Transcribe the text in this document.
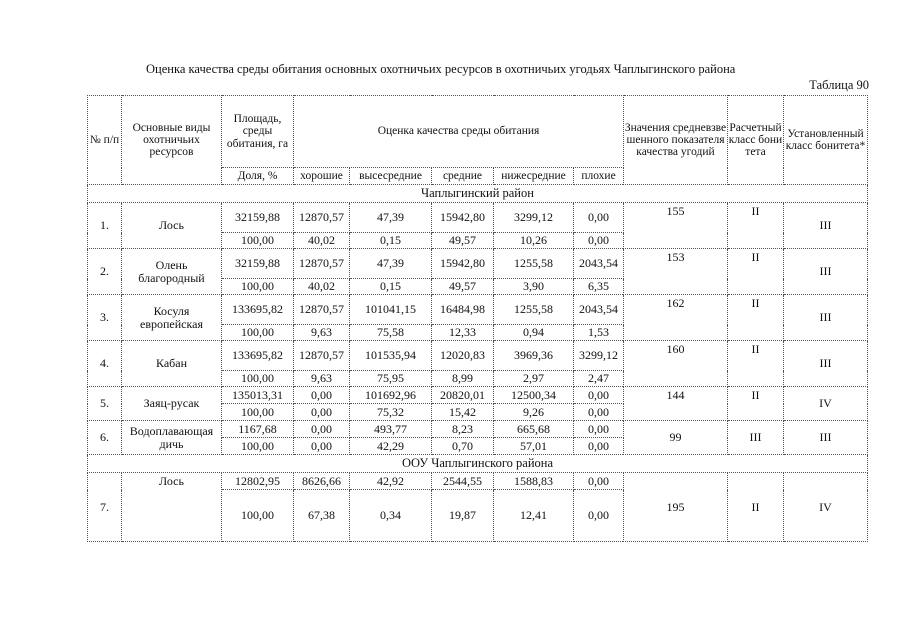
Оценка качества среды обитания основных охотничьих ресурсов в охотничьих угодьях Чаплыгинского района
Таблица 90
№ п/п	Основные виды охотничьих ресурсов	Площадь, среды обитания, га	Оценка качества среды обитания					Значения средневзвешенного показателя качества угодий	Расчетный класс бонитета	Установленный класс бонитета*
		Доля, %	хорошие	высесредние	средние	нижесредние	плохие			
Чаплыгинский район										
1.	Лось	32159,88	12870,57	47,39	15942,80	3299,12	0,00	155	II	III
		100,00	40,02	0,15	49,57	10,26	0,00			
2.	Олень благородный	32159,88	12870,57	47,39	15942,80	1255,58	2043,54	153	II	III
		100,00	40,02	0,15	49,57	3,90	6,35			
3.	Косуля европейская	133695,82	12870,57	101041,15	16484,98	1255,58	2043,54	162	II	III
		100,00	9,63	75,58	12,33	0,94	1,53			
4.	Кабан	133695,82	12870,57	101535,94	12020,83	3969,36	3299,12	160	II	III
		100,00	9,63	75,95	8,99	2,97	2,47			
5.	Заяц-русак	135013,31	0,00	101692,96	20820,01	12500,34	0,00	144	II	IV
		100,00	0,00	75,32	15,42	9,26	0,00			
6.	Водоплавающая дичь	1167,68	0,00	493,77	8,23	665,68	0,00	99	III	III
		100,00	0,00	42,29	0,70	57,01	0,00			
ООУ Чаплыгинского района										
7.	Лось	12802,95	8626,66	42,92	2544,55	1588,83	0,00	195	II	IV
		100,00	67,38	0,34	19,87	12,41	0,00			
